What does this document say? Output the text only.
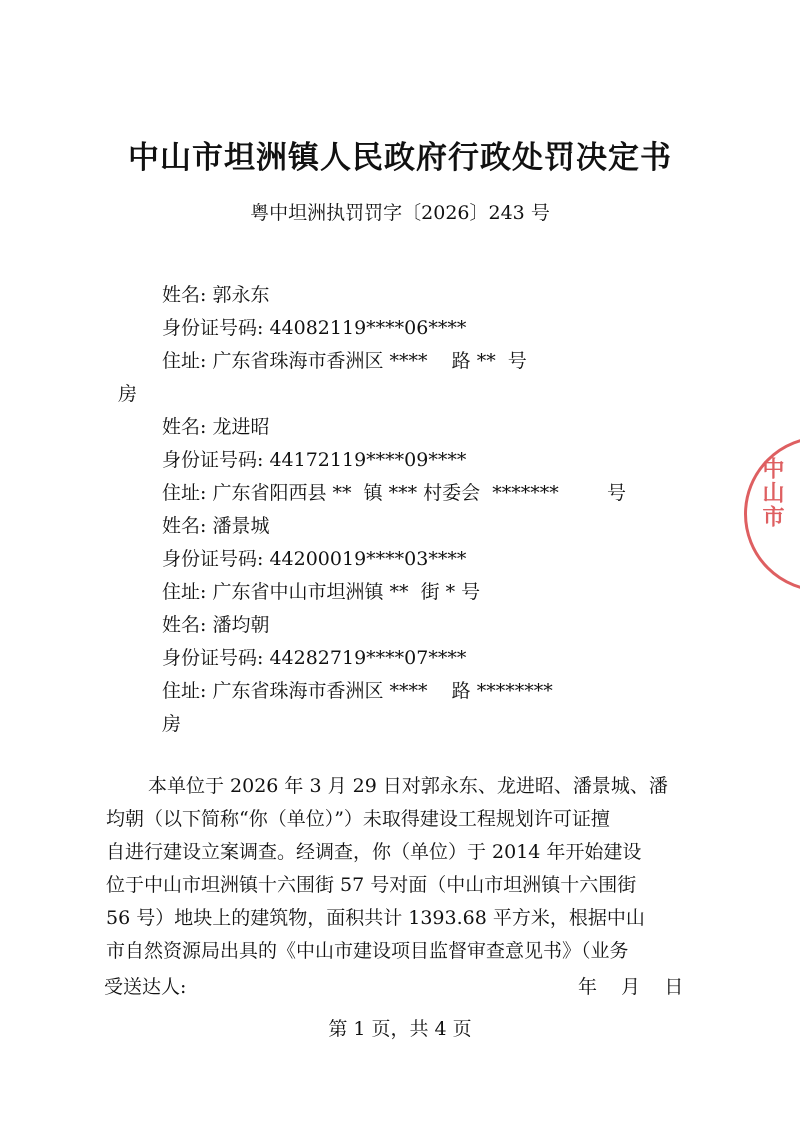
中山市坦洲镇人民政府行政处罚决定书
粤中坦洲执罚罚字〔2026〕243 号
姓名: 郭永东
身份证号码: 44082119****06****
住址: 广东省珠海市香洲区 ****    路 **  号
房
姓名: 龙进昭
身份证号码: 44172119****09****
住址: 广东省阳西县 **  镇 *** 村委会  *******        号
姓名: 潘景城
身份证号码: 44200019****03****
住址: 广东省中山市坦洲镇 **  街 * 号
姓名: 潘均朝
身份证号码: 44282719****07****
住址: 广东省珠海市香洲区 ****    路 ********
房
本单位于 2026 年 3 月 29 日对郭永东、龙进昭、潘景城、潘
均朝（以下简称“你（单位）”）未取得建设工程规划许可证擅
自进行建设立案调查。经调查，你（单位）于 2014 年开始建设
位于中山市坦洲镇十六围街 57 号对面（中山市坦洲镇十六围街
56 号）地块上的建筑物，面积共计 1393.68 平方米，根据中山
市自然资源局出具的《中山市建设项目监督审查意见书》（业务
受送达人:	年    月    日
第 1 页，共 4 页
中山市
